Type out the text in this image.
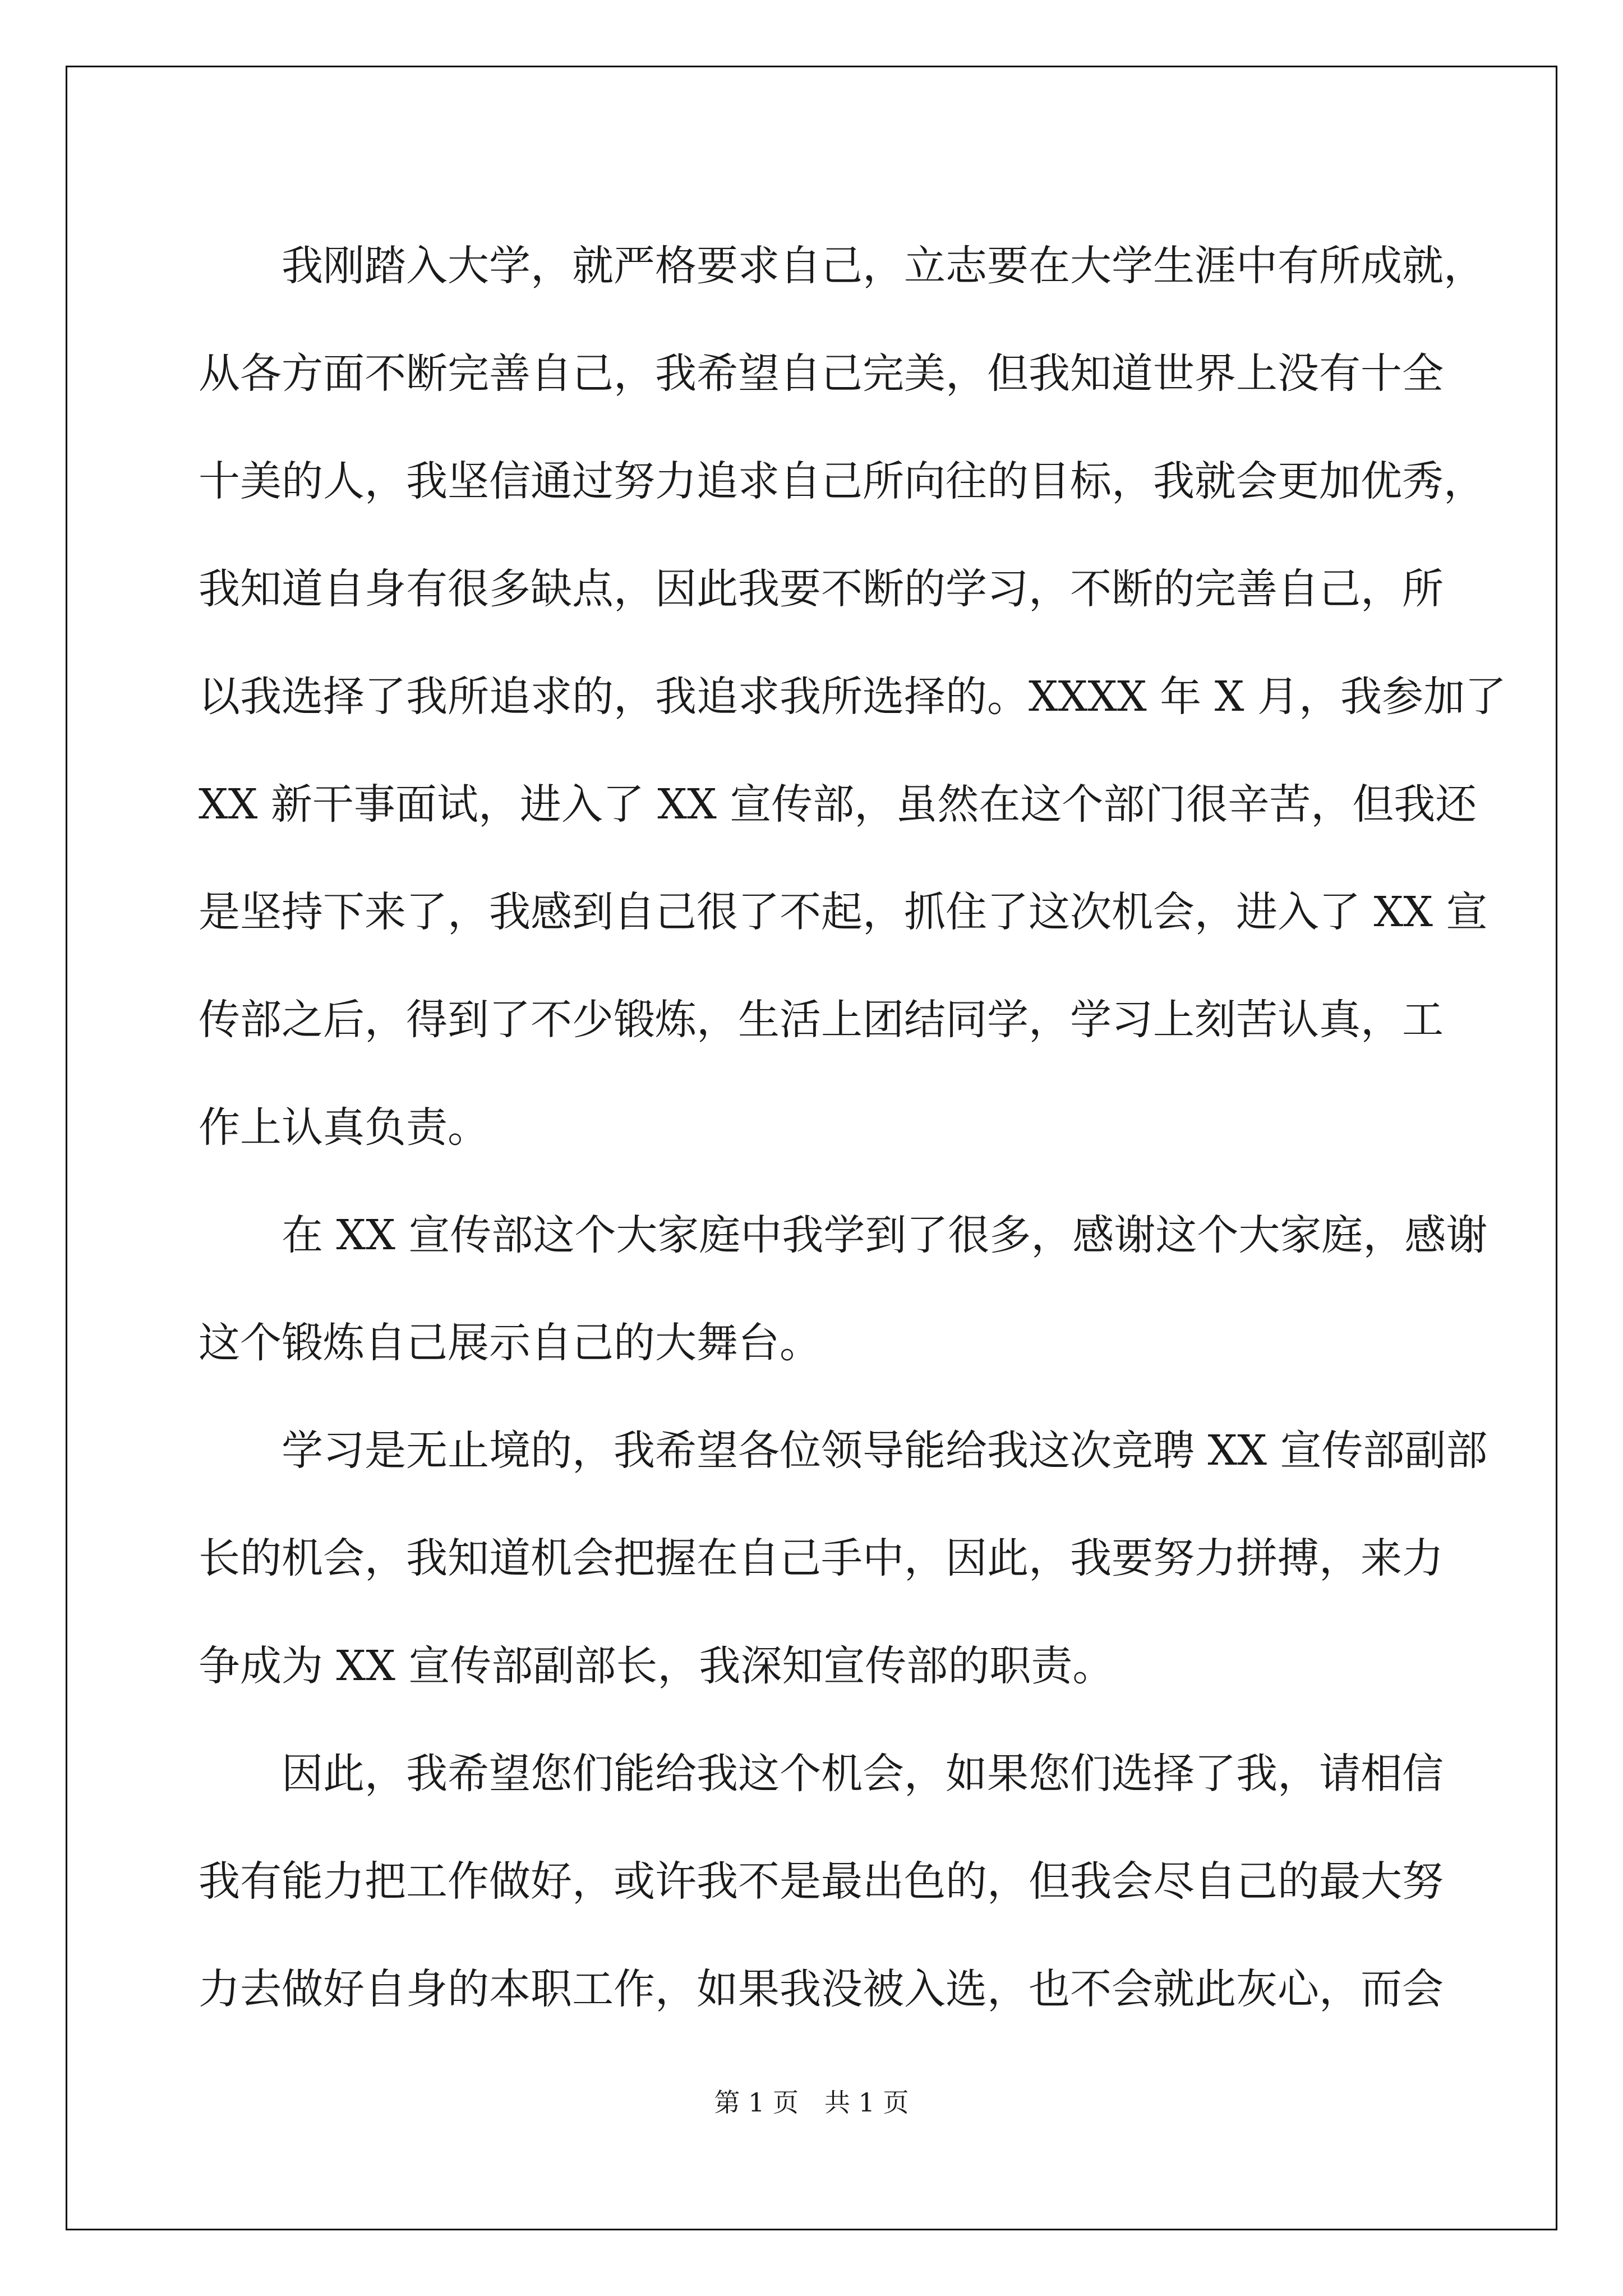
我刚踏入大学，就严格要求自己，立志要在大学生涯中有所成就，
从各方面不断完善自己，我希望自己完美，但我知道世界上没有十全
十美的人，我坚信通过努力追求自己所向往的目标，我就会更加优秀，
我知道自身有很多缺点，因此我要不断的学习，不断的完善自己，所
以我选择了我所追求的，我追求我所选择的。XXXX 年 X 月，我参加了
XX 新干事面试，进入了 XX 宣传部，虽然在这个部门很辛苦，但我还
是坚持下来了，我感到自己很了不起，抓住了这次机会，进入了 XX 宣
传部之后，得到了不少锻炼，生活上团结同学，学习上刻苦认真，工
作上认真负责。
在 XX 宣传部这个大家庭中我学到了很多，感谢这个大家庭，感谢
这个锻炼自己展示自己的大舞台。
学习是无止境的，我希望各位领导能给我这次竞聘 XX 宣传部副部
长的机会，我知道机会把握在自己手中，因此，我要努力拼搏，来力
争成为 XX 宣传部副部长，我深知宣传部的职责。
因此，我希望您们能给我这个机会，如果您们选择了我，请相信
我有能力把工作做好，或许我不是最出色的，但我会尽自己的最大努
力去做好自身的本职工作，如果我没被入选，也不会就此灰心，而会
第 1 页 共 1 页
